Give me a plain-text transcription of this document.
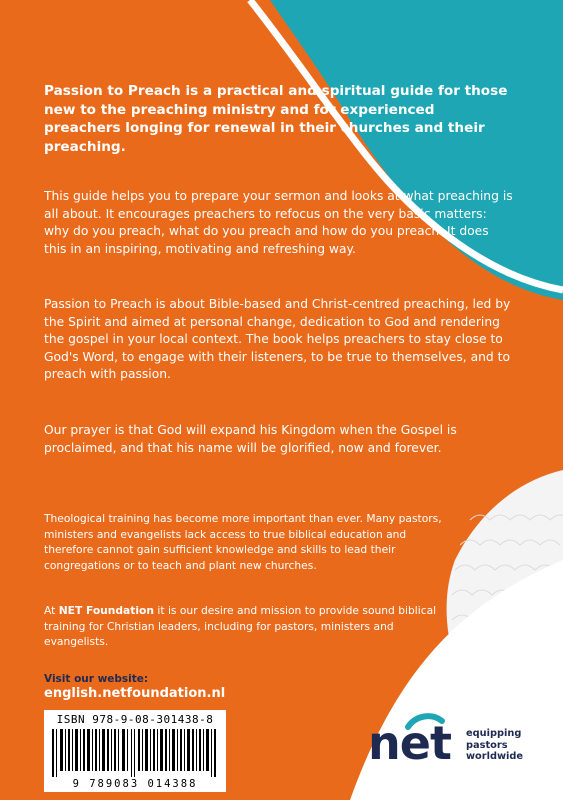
Passion to Preach is a practical and spiritual guide for those new to the preaching ministry and for experienced preachers longing for renewal in their churches and their preaching.

This guide helps you to prepare your sermon and looks at what preaching is all about. It encourages preachers to refocus on the very basic matters: why do you preach, what do you preach and how do you preach. It does this in an inspiring, motivating and refreshing way.

Passion to Preach is about Bible-based and Christ-centred preaching, led by the Spirit and aimed at personal change, dedication to God and rendering the gospel in your local context. The book helps preachers to stay close to God's Word, to engage with their listeners, to be true to themselves, and to preach with passion.

Our prayer is that God will expand his Kingdom when the Gospel is proclaimed, and that his name will be glorified, now and forever.

Theological training has become more important than ever. Many pastors, ministers and evangelists lack access to true biblical education and therefore cannot gain sufficient knowledge and skills to lead their congregations or to teach and plant new churches.

At NET Foundation it is our desire and mission to provide sound biblical training for Christian leaders, including for pastors, ministers and evangelists.

Visit our website:

english.netfoundation.nl

ISBN 978-9-08-301438-8
9 789083 014388
net equipping
pastors
worldwide
